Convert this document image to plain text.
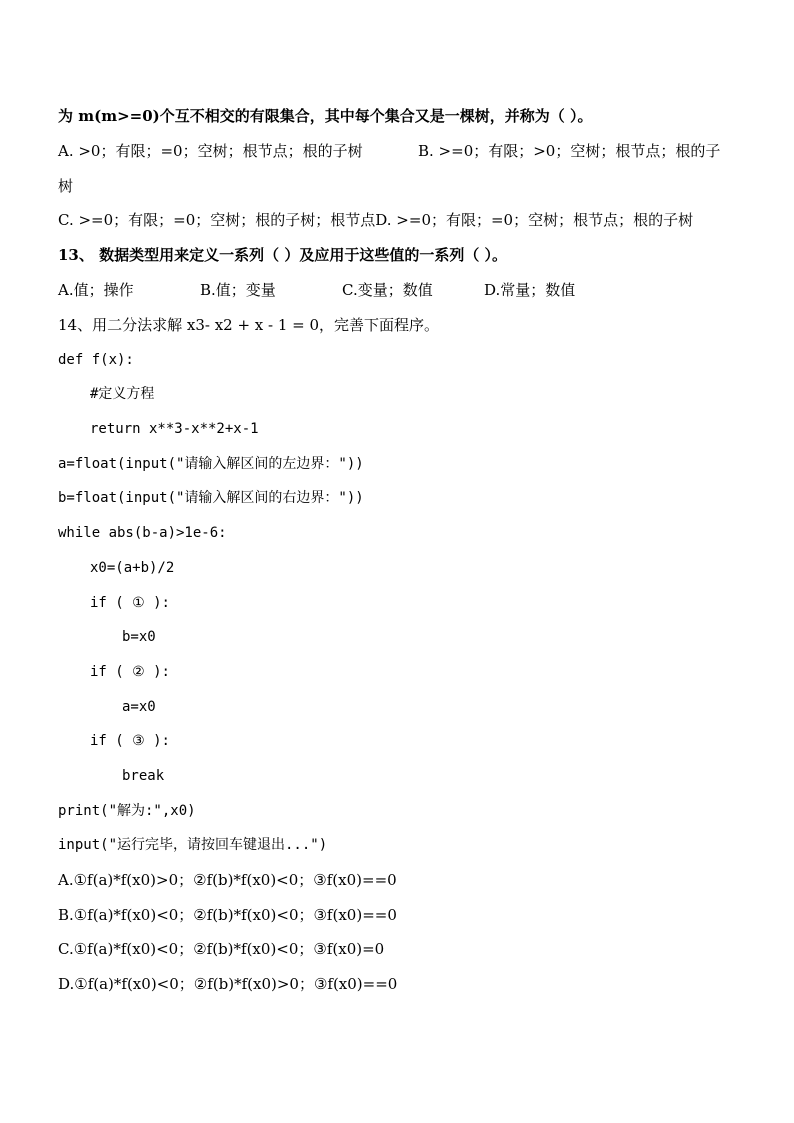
为 m(m>=0)个互不相交的有限集合，其中每个集合又是一棵树，并称为（ ）。
A. >0；有限；=0；空树；根节点；根的子树	B. >=0；有限；>0；空树；根节点；根的子
树
C. >=0；有限；=0；空树；根的子树；根节点D. >=0；有限；=0；空树；根节点；根的子树
13、 数据类型用来定义一系列（ ）及应用于这些值的一系列（ ）。
A.值；操作	B.值；变量	C.变量；数值	D.常量；数值
14、用二分法求解 x3- x2 + x - 1 = 0，完善下面程序。
def f(x):
#定义方程
return x**3-x**2+x-1
a=float(input("请输入解区间的左边界："))
b=float(input("请输入解区间的右边界："))
while abs(b-a)>1e-6:
x0=(a+b)/2
if ( ① ):
b=x0
if ( ② ):
a=x0
if ( ③ ):
break
print("解为:",x0)
input("运行完毕，请按回车键退出...")
A.①f(a)*f(x0)>0；②f(b)*f(x0)<0；③f(x0)==0
B.①f(a)*f(x0)<0；②f(b)*f(x0)<0；③f(x0)==0
C.①f(a)*f(x0)<0；②f(b)*f(x0)<0；③f(x0)=0
D.①f(a)*f(x0)<0；②f(b)*f(x0)>0；③f(x0)==0
